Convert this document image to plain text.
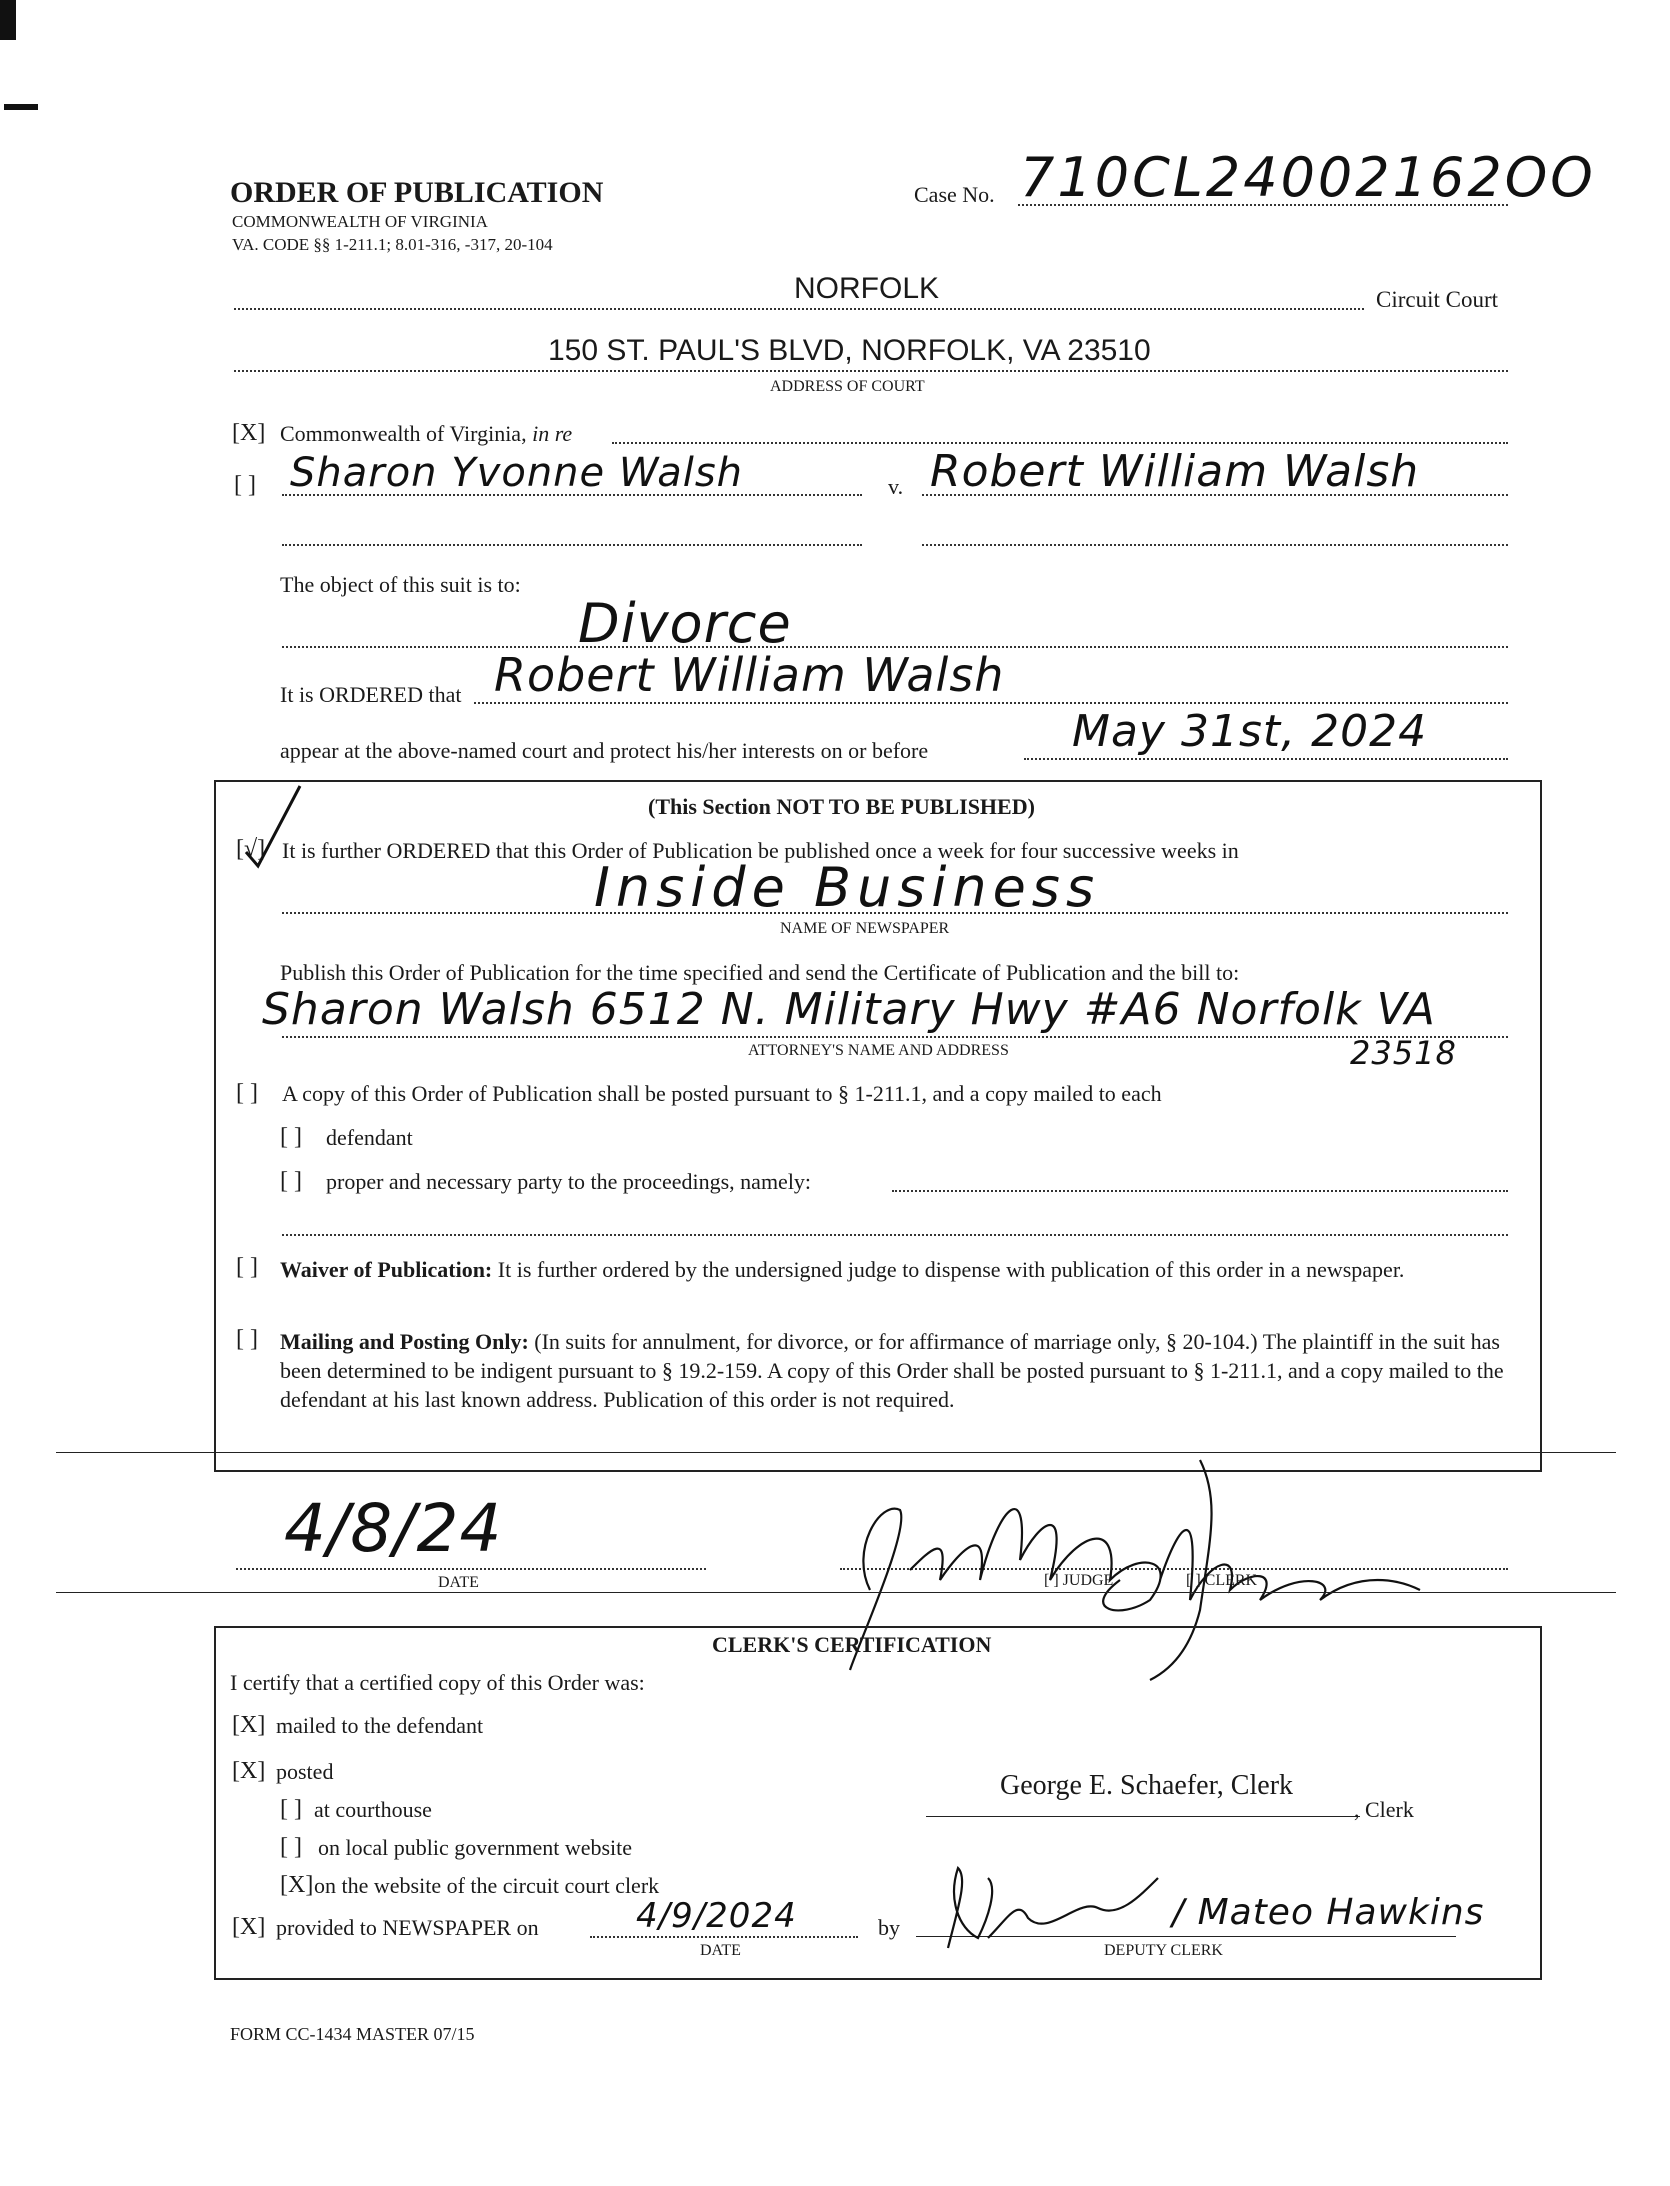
ORDER OF PUBLICATION
COMMONWEALTH OF VIRGINIA
VA. CODE §§ 1-211.1; 8.01-316, -317, 20-104
Case No. 710CL24002162OO
NORFOLK	Circuit Court
150 ST. PAUL'S BLVD, NORFOLK, VA 23510
ADDRESS OF COURT
[X] Commonwealth of Virginia, in re
[ ] Sharon Yvonne Walsh	v. Robert William Walsh
The object of this suit is to:
Divorce
It is ORDERED that Robert William Walsh
appear at the above-named court and protect his/her interests on or before	May 31st, 2024
(This Section NOT TO BE PUBLISHED)
[√] It is further ORDERED that this Order of Publication be published once a week for four successive weeks in
Inside Business
NAME OF NEWSPAPER
Publish this Order of Publication for the time specified and send the Certificate of Publication and the bill to:
Sharon Walsh 6512 N. Military Hwy #A6 Norfolk VA
23518
ATTORNEY'S NAME AND ADDRESS
[ ] A copy of this Order of Publication shall be posted pursuant to § 1-211.1, and a copy mailed to each
[ ] defendant
[ ] proper and necessary party to the proceedings, namely:
[ ] Waiver of Publication: It is further ordered by the undersigned judge to dispense with publication of this order in a newspaper.
[ ] Mailing and Posting Only: (In suits for annulment, for divorce, or for affirmance of marriage only, § 20-104.) The plaintiff in the suit has been determined to be indigent pursuant to § 19.2-159. A copy of this Order shall be posted pursuant to § 1-211.1, and a copy mailed to the defendant at his last known address. Publication of this order is not required.
4/8/24
DATE	[ ] JUDGE	[ ] CLERK
CLERK'S CERTIFICATION
I certify that a certified copy of this Order was:
[X] mailed to the defendant
[X] posted
[ ] at courthouse
[ ] on local public government website
[X] on the website of the circuit court clerk
[X] provided to NEWSPAPER on	4/9/2024
DATE
by
George E. Schaefer, Clerk
, Clerk
/ Mateo Hawkins
DEPUTY CLERK
FORM CC-1434 MASTER 07/15
